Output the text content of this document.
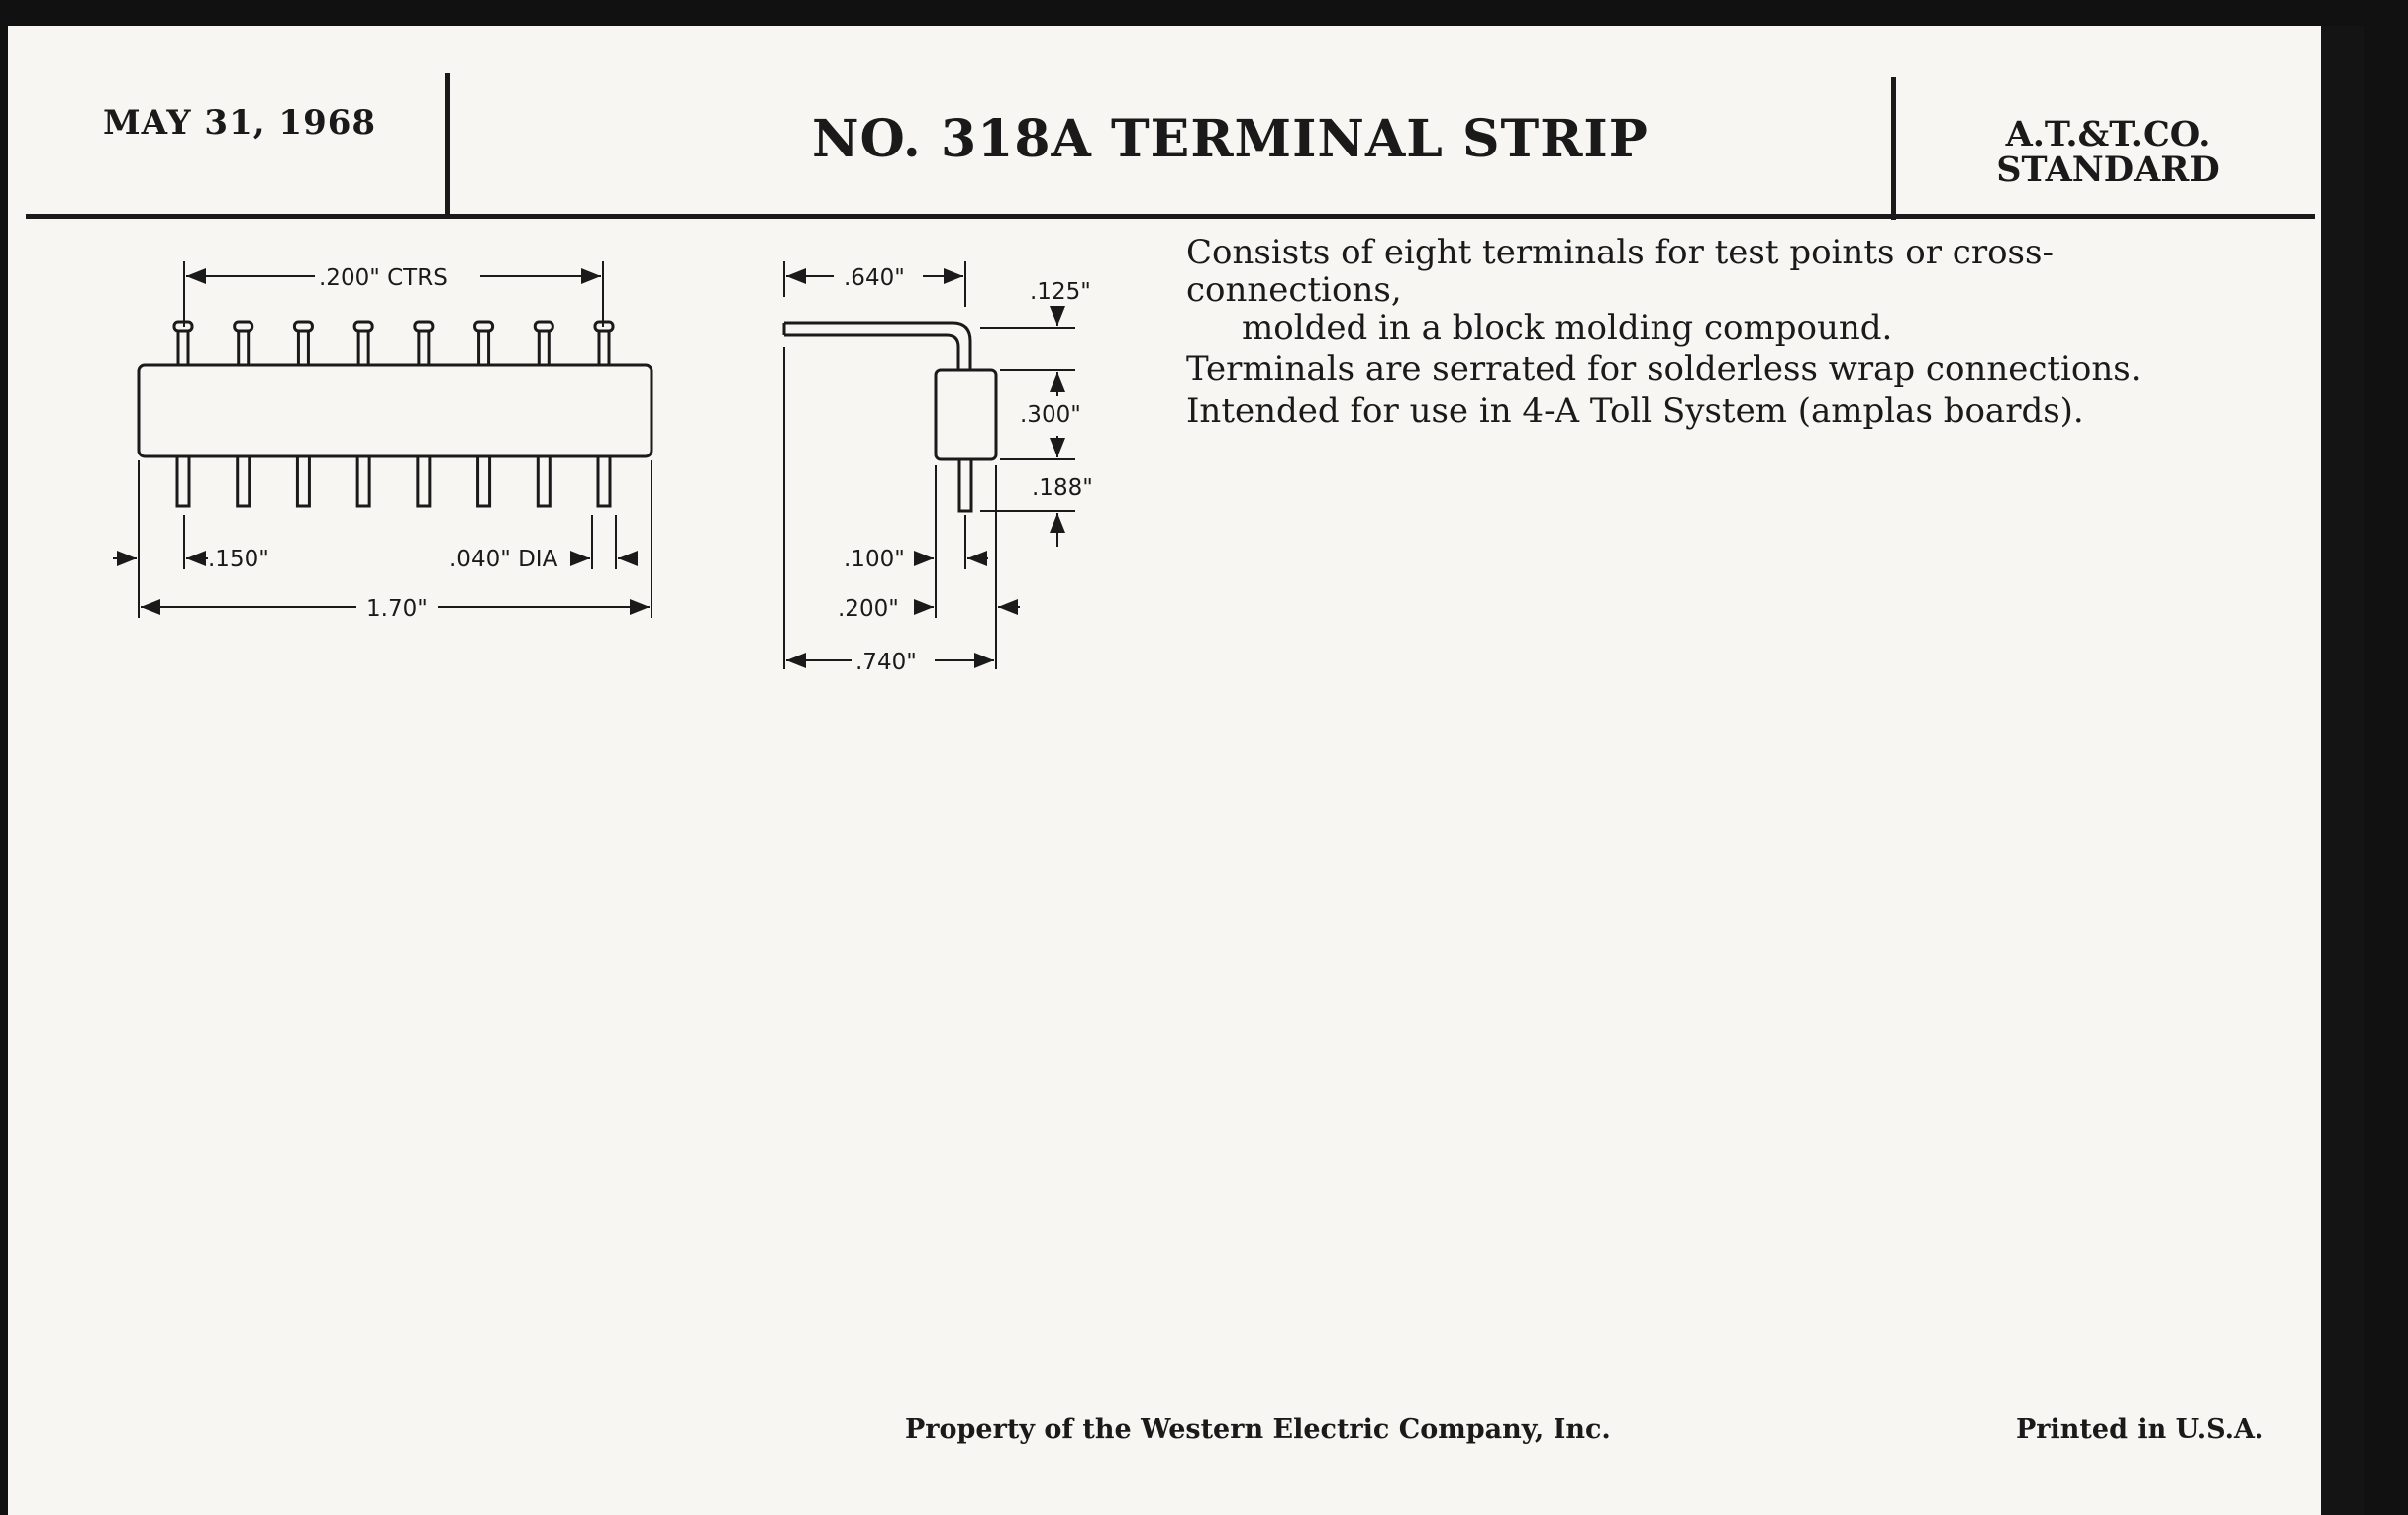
MAY 31, 1968	NO. 318A TERMINAL STRIP	A.T.&T.CO.
STANDARD

Consists of eight terminals for test points or cross-connections,
molded in a block molding compound.

Terminals are serrated for solderless wrap connections.

Intended for use in 4-A Toll System (amplas boards).

.200" CTRS
.150"	.040" DIA
1.70"
.640"
.125"
.300"
.188"
.100"
.200"
.740"
Property of the Western Electric Company, Inc.	Printed in U.S.A.
